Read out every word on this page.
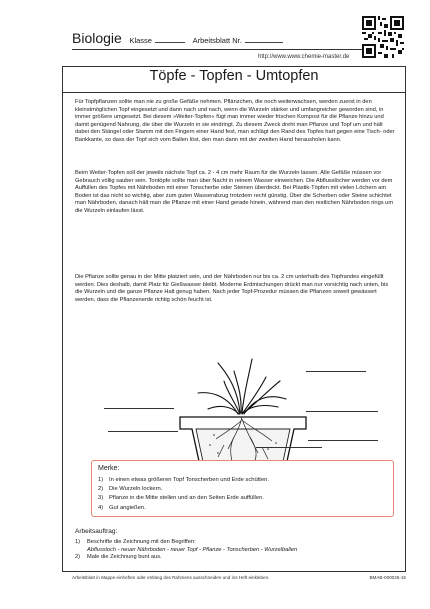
Biologie Klasse	Arbeitsblatt Nr.
http://www.www.chemie-master.de
Töpfe - Topfen - Umtopfen
Für Topfpflanzen sollte man nie zu große Gefäße nehmen. Pflänzchen, die noch weiterwachsen, werden zuerst in den kleinstmöglichen Topf eingesetzt und dann nach und nach, wenn die Wurzeln stärker und umfangreicher geworden sind, in immer größere umgesetzt. Bei diesem »Weiter-Topfen« fügt man immer wieder frischen Kompost für die Pflanze hinzu und damit genügend Nahrung, die über die Wurzeln in sie eindringt. Zu diesem Zweck dreht man Pflanze und Topf um und hält dabei den Stängel oder Stamm mit den Fingern einer Hand fest, man schlägt den Rand des Topfes hart gegen eine Tisch- oder Bankkante, so dass der Topf sich vom Ballen löst, den man dann mit der zweiten Hand herausholen kann.
Beim Weiter-Topfen soll der jeweils nächste Topf ca. 2 - 4 cm mehr Raum für die Wurzeln lassen. Alle Gefäße müssen vor Gebrauch völlig sauber sein. Tontöpfe sollte man über Nacht in reinem Wasser einweichen. Die Abflusslöcher werden vor dem Auffüllen des Topfes mit Nährboden mit einer Tonscherbe oder Steinen überdeckt. Bei Plastik-Töpfen mit vielen Löchern am Boden ist das nicht so wichtig, aber zum guten Wasserabzug trotzdem recht günstig. Über die Scherben oder Steine schichtet man Nährboden, danach hält man die Pflanze mit einer Hand gerade hinein, während man den restlichen Nährboden rings um die Wurzeln einlaufen lässt.
Die Pflanze sollte genau in der Mitte platziert sein, und der Nährboden nur bis ca. 2 cm unterhalb des Topfrandes eingefüllt werden. Dies deshalb, damit Platz für Gießwasser bleibt. Moderne Erdmischungen drückt man nur vorsichtig nach unten, bis die Wurzeln und die ganze Pflanze Halt genug haben. Nach jeder Topf-Prozedur müssen die Pflanzen soweit gewässert werden, dass die Pflanzenerde richtig schön feucht ist.
Merke:
1) In einen etwas größeren Topf Tonscherben und Erde schütten.
2) Die Wurzeln lockern.
3) Pflanze in die Mitte stellen und an den Seiten Erde auffüllen.
4) Gut angießen.
Arbeitsauftrag:
1) Beschrifte die Zeichnung mit den Begriffen:
Abflussloch - neuer Nährboden - neuer Topf - Pflanze - Tonscherben - Wurzelballen
2) Male die Zeichnung bunt aus.
Arbeitsblatt in Mappe einheften oder entlang des Rahmens ausschneiden und ins Heft einkleben.	BMAB-000025-15
